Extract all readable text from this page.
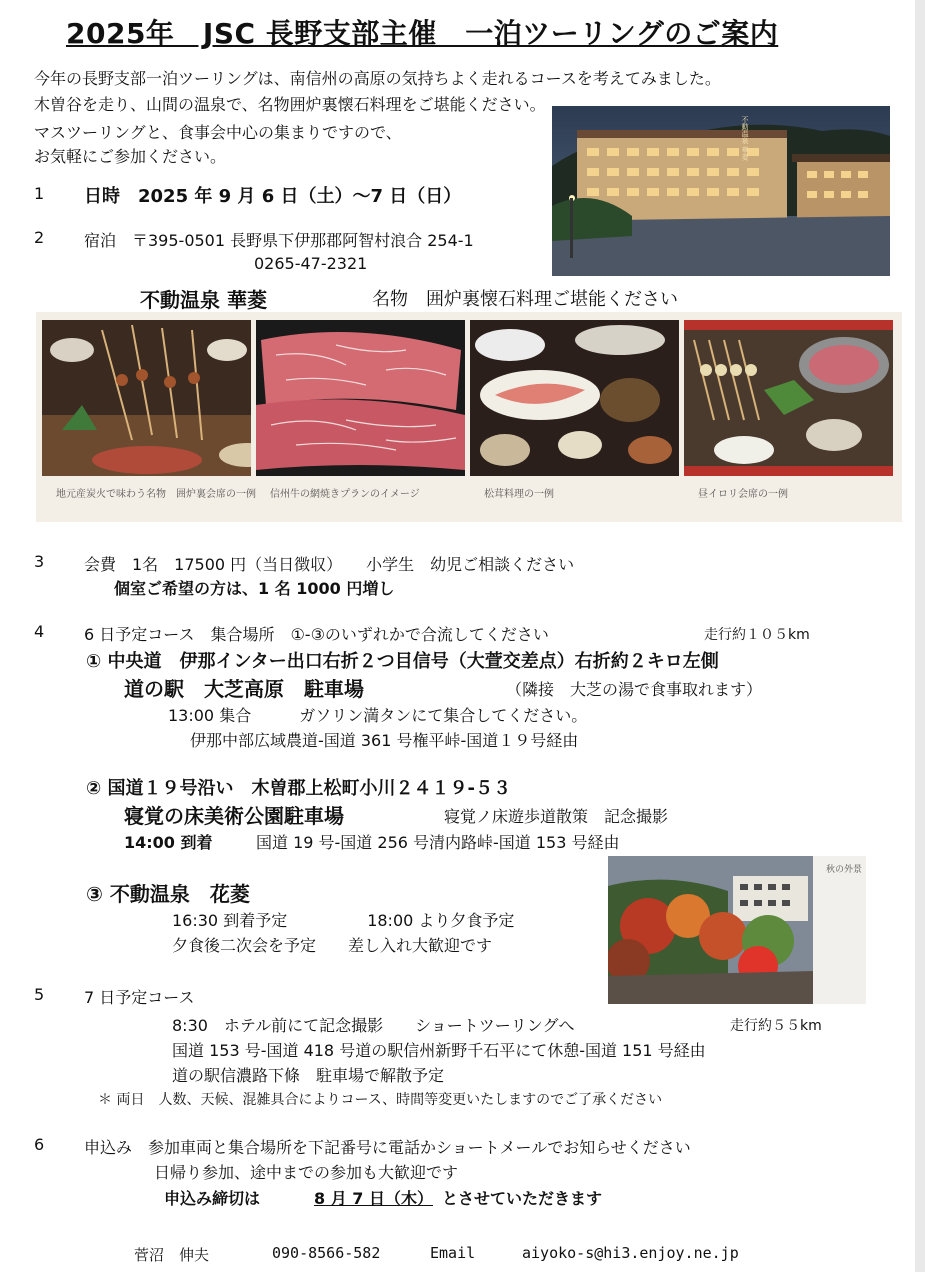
2025年　JSC 長野支部主催　一泊ツーリングのご案内
今年の長野支部一泊ツーリングは、南信州の高原の気持ちよく走れるコースを考えてみました。
木曽谷を走り、山間の温泉で、名物囲炉裏懐石料理をご堪能ください。
マスツーリングと、食事会中心の集まりですので、
お気軽にご参加ください。	不動温泉 華菱
1 日時　2025 年 9 月 6 日（土）～7 日（日）
2 宿泊　〒395-0501 長野県下伊那郡阿智村浪合 254-1
0265-47-2321
不動温泉 華菱	名物　囲炉裏懐石料理ご堪能ください
地元産炭火で味わう名物　囲炉裏会席の一例 信州牛の網焼きプランのイメージ	松茸料理の一例	昼イロリ会席の一例
3 会費　1名　17500 円（当日徴収）　　小学生　幼児ご相談ください
個室ご希望の方は、1 名 1000 円増し
4 6 日予定コース　集合場所　①-③のいずれかで合流してください	走行約１０５km
① 中央道　伊那インター出口右折２つ目信号（大萱交差点）右折約２キロ左側
道の駅　大芝高原　駐車場	（隣接　大芝の湯で食事取れます）
13:00 集合　　　ガソリン満タンにて集合してください。
伊那中部広域農道-国道 361 号権平峠-国道１９号経由
② 国道１９号沿い　木曽郡上松町小川２４１９-５３
寝覚の床美術公園駐車場	寝覚ノ床遊歩道散策　記念撮影
14:00 到着	国道 19 号-国道 256 号清内路峠-国道 153 号経由
③ 不動温泉　花菱
16:30 到着予定　　　　　18:00 より夕食予定
夕食後二次会を予定　　差し入れ大歓迎です
秋の外景
5 7 日予定コース
8:30　ホテル前にて記念撮影　　ショートツーリングへ	走行約５５km
国道 153 号-国道 418 号道の駅信州新野千石平にて休憩-国道 151 号経由
道の駅信濃路下條　駐車場で解散予定
＊ 両日　人数、天候、混雑具合によりコース、時間等変更いたしますのでご了承ください
6 申込み　参加車両と集合場所を下記番号に電話かショートメールでお知らせください
日帰り参加、途中までの参加も大歓迎です
申込み締切は	8 月 7 日（木） とさせていただきます
菅沼　伸夫	090-8566-582	Email	aiyoko-s@hi3.enjoy.ne.jp
